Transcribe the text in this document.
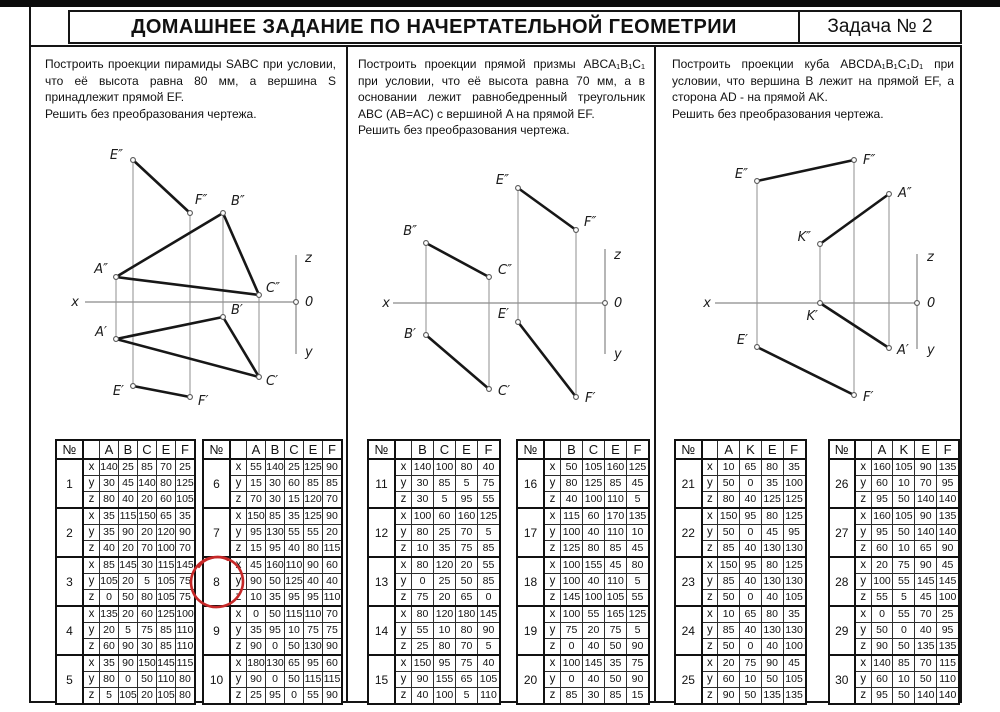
ДОМАШНЕЕ ЗАДАНИЕ ПО НАЧЕРТАТЕЛЬНОЙ ГЕОМЕТРИИ	Задача № 2
Построить проекции пирамиды SABC при условии, что её высота равна 80 мм, а вершина S принадлежит прямой EF.
Решить без преобразования чертежа.
E″
F″ B″
A″
C″
B′
A′
C′
E′
F′
x	0
z
y
№		A	B	C	E	F
1	x	140	25	85	70	25
	y	30	45	140	80	125
	z	80	40	20	60	105
2	x	35	115	150	65	35
	y	35	90	20	120	90
	z	40	20	70	100	70
3	x	85	145	30	115	145
	y	105	20	5	105	75
	z	0	50	80	105	75
4	x	135	20	60	125	100
	y	20	5	75	85	110
	z	60	90	30	85	110
5	x	35	90	150	145	115
	y	80	0	50	110	80
	z	5	105	20	105	80
№		A	B	C	E	F
6	x	55	140	25	125	90
	y	15	30	60	85	85
	z	70	30	15	120	70
7	x	150	85	35	125	90
	y	95	130	55	55	20
	z	15	95	40	80	115
8	x	45	160	110	90	60
	y	90	50	125	40	40
	z	10	35	95	95	110
9	x	0	50	115	110	70
	y	35	95	10	75	75
	z	90	0	50	130	90
10	x	180	130	65	95	60
	y	90	0	50	115	115
	z	25	95	0	55	90
Построить проекции прямой призмы ABCA₁B₁C₁ при условии, что её высота равна 70 мм, а в основании лежит равнобедренный треугольник ABC (AB=AC) с вершиной A на прямой EF.
Решить без преобразования чертежа.
E″
F″
B″
C″
E′
B′
C′	F′
x	0
z
y
№		B	C	E	F
11	x	140	100	80	40
	y	30	85	5	75
	z	30	5	95	55
12	x	100	60	160	125
	y	80	25	70	5
	z	10	35	75	85
13	x	80	120	20	55
	y	0	25	50	85
	z	75	20	65	0
14	x	80	120	180	145
	y	55	10	80	90
	z	25	80	70	5
15	x	150	95	75	40
	y	90	155	65	105
	z	40	100	5	110
№		B	C	E	F
16	x	50	105	160	125
	y	80	125	85	45
	z	40	100	110	5
17	x	115	60	170	135
	y	100	40	110	10
	z	125	80	85	45
18	x	100	155	45	80
	y	100	40	110	5
	z	145	100	105	55
19	x	100	55	165	125
	y	75	20	75	5
	z	0	40	50	90
20	x	100	145	35	75
	y	0	40	50	90
	z	85	30	85	15
Построить проекции куба ABCDA₁B₁C₁D₁ при условии, что вершина B лежит на прямой EF, а сторона AD - на прямой AK.
Решить без преобразования чертежа.
F″
E″
A″
K″
K′
E′
A′
F′
x	0
z
y
№		A	K	E	F
21	x	10	65	80	35
	y	50	0	35	100
	z	80	40	125	125
22	x	150	95	80	125
	y	50	0	45	95
	z	85	40	130	130
23	x	150	95	80	125
	y	85	40	130	130
	z	50	0	40	105
24	x	10	65	80	35
	y	85	40	130	130
	z	50	0	40	100
25	x	20	75	90	45
	y	60	10	50	105
	z	90	50	135	135
№		A	K	E	F
26	x	160	105	90	135
	y	60	10	70	95
	z	95	50	140	140
27	x	160	105	90	135
	y	95	50	140	140
	z	60	10	65	90
28	x	20	75	90	45
	y	100	55	145	145
	z	55	5	45	100
29	x	0	55	70	25
	y	50	0	40	95
	z	90	50	135	135
30	x	140	85	70	115
	y	60	10	50	110
	z	95	50	140	140
